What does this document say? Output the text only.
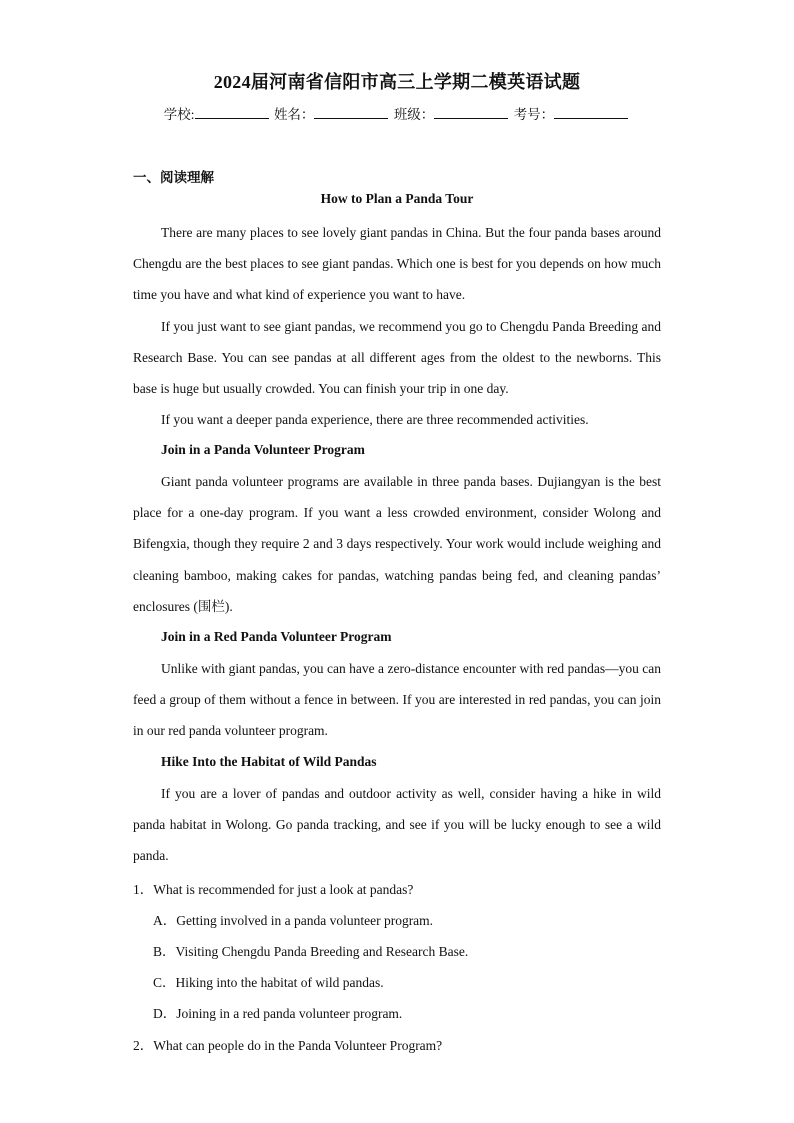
2024届河南省信阳市高三上学期二模英语试题
学校:	姓名：	班级：	考号：
一、阅读理解
How to Plan a Panda Tour
There are many places to see lovely giant pandas in China. But the four panda bases around Chengdu are the best places to see giant pandas. Which one is best for you depends on how much time you have and what kind of experience you want to have.
If you just want to see giant pandas, we recommend you go to Chengdu Panda Breeding and Research Base. You can see pandas at all different ages from the oldest to the newborns. This base is huge but usually crowded. You can finish your trip in one day.
If you want a deeper panda experience, there are three recommended activities.
Join in a Panda Volunteer Program
Giant panda volunteer programs are available in three panda bases. Dujiangyan is the best place for a one-day program. If you want a less crowded environment, consider Wolong and Bifengxia, though they require 2 and 3 days respectively. Your work would include weighing and cleaning bamboo, making cakes for pandas, watching pandas being fed, and cleaning pandas’ enclosures (围栏).
Join in a Red Panda Volunteer Program
Unlike with giant pandas, you can have a zero-distance encounter with red pandas—you can feed a group of them without a fence in between. If you are interested in red pandas, you can join in our red panda volunteer program.
Hike Into the Habitat of Wild Pandas
If you are a lover of pandas and outdoor activity as well, consider having a hike in wild panda habitat in Wolong. Go panda tracking, and see if you will be lucky enough to see a wild panda.
1．What is recommended for just a look at pandas?
A．Getting involved in a panda volunteer program.
B．Visiting Chengdu Panda Breeding and Research Base.
C．Hiking into the habitat of wild pandas.
D．Joining in a red panda volunteer program.
2．What can people do in the Panda Volunteer Program?
